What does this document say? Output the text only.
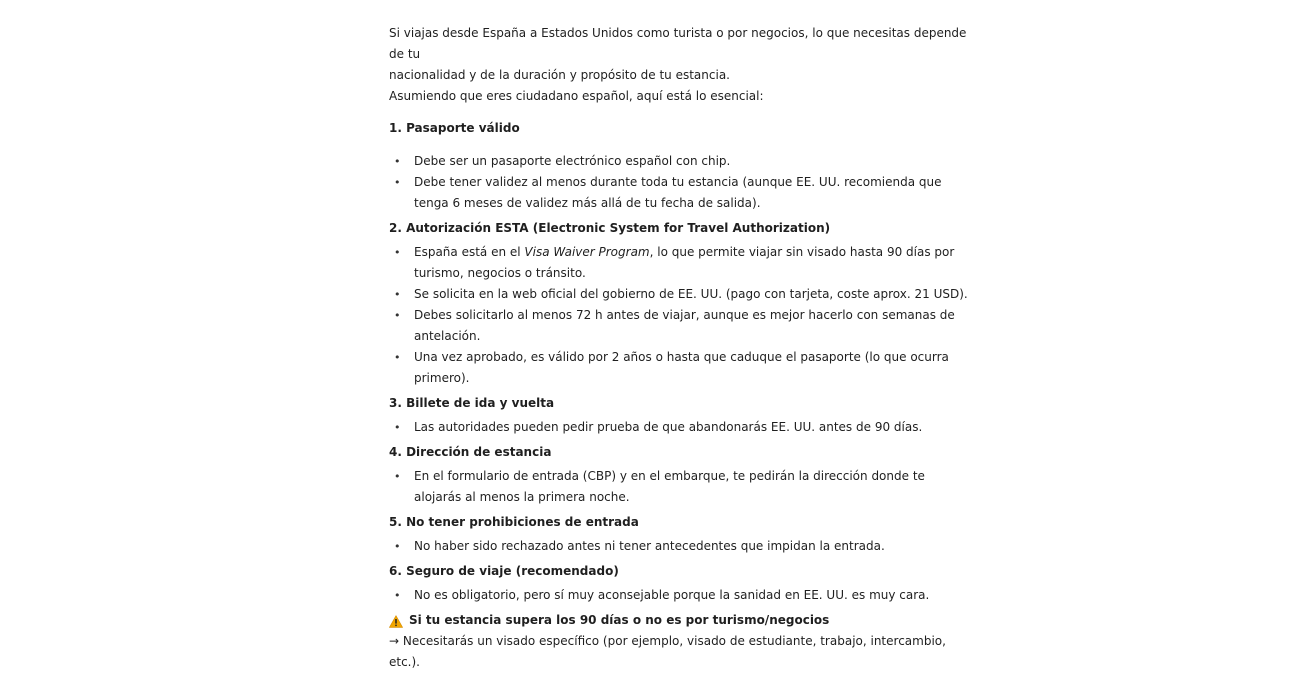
Si viajas desde España a Estados Unidos como turista o por negocios, lo que necesitas depende de tu
nacionalidad y de la duración y propósito de tu estancia.
Asumiendo que eres ciudadano español, aquí está lo esencial:

1. Pasaporte válido

• Debe ser un pasaporte electrónico español con chip.
• Debe tener validez al menos durante toda tu estancia (aunque EE. UU. recomienda que tenga 6 meses de validez más allá de tu fecha de salida).

2. Autorización ESTA (Electronic System for Travel Authorization)

• España está en el Visa Waiver Program, lo que permite viajar sin visado hasta 90 días por turismo, negocios o tránsito.
• Se solicita en la web oficial del gobierno de EE. UU. (pago con tarjeta, coste aprox. 21 USD).
• Debes solicitarlo al menos 72 h antes de viajar, aunque es mejor hacerlo con semanas de antelación.
• Una vez aprobado, es válido por 2 años o hasta que caduque el pasaporte (lo que ocurra primero).

3. Billete de ida y vuelta

• Las autoridades pueden pedir prueba de que abandonarás EE. UU. antes de 90 días.

4. Dirección de estancia

• En el formulario de entrada (CBP) y en el embarque, te pedirán la dirección donde te alojarás al menos la primera noche.

5. No tener prohibiciones de entrada

• No haber sido rechazado antes ni tener antecedentes que impidan la entrada.

6. Seguro de viaje (recomendado)

• No es obligatorio, pero sí muy aconsejable porque la sanidad en EE. UU. es muy cara.

Si tu estancia supera los 90 días o no es por turismo/negocios

→ Necesitarás un visado específico (por ejemplo, visado de estudiante, trabajo, intercambio, etc.).
